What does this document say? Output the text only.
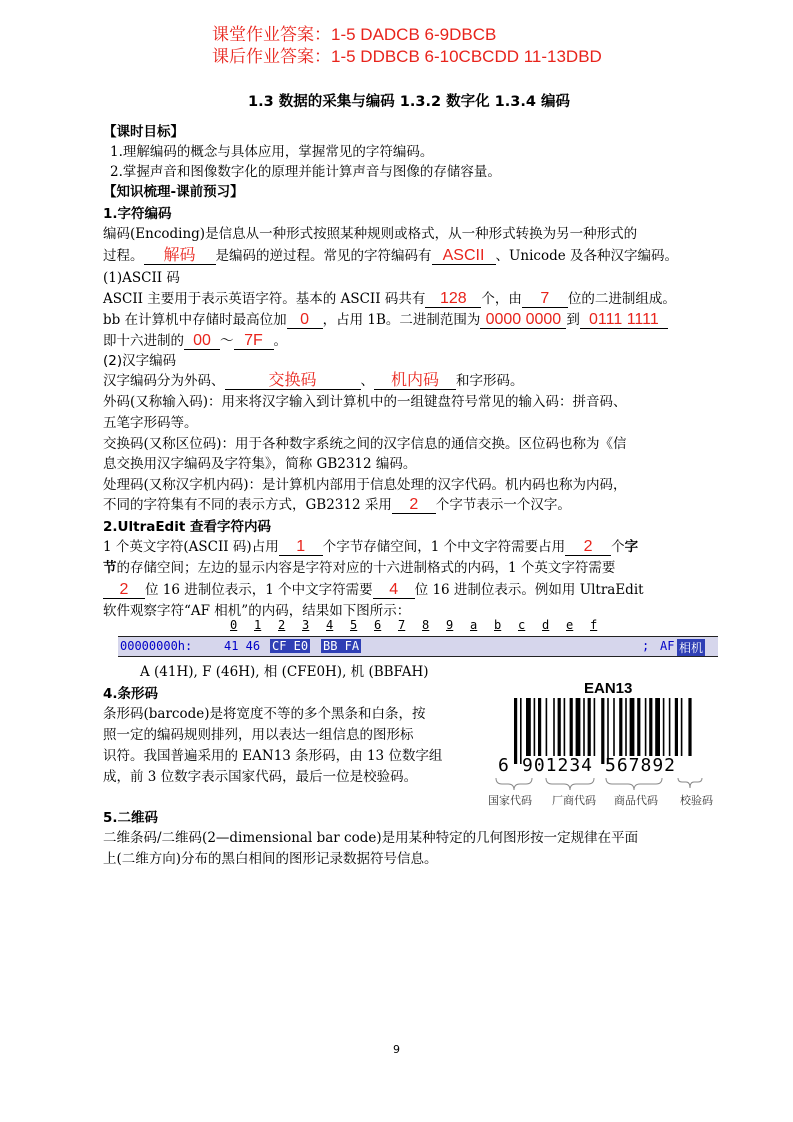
课堂作业答案：1-5 DADCB 6-9DBCB
课后作业答案：1-5 DDBCB 6-10CBCDD 11-13DBD
1.3 数据的采集与编码 1.3.2 数字化 1.3.4 编码
【课时目标】
1.理解编码的概念与具体应用，掌握常见的字符编码。
2.掌握声音和图像数字化的原理并能计算声音与图像的存储容量。
【知识梳理-课前预习】
1.字符编码
编码(Encoding)是信息从一种形式按照某种规则或格式，从一种形式转换为另一种形式的
过程。 解码 是编码的逆过程。常见的字符编码有 ASCII 、Unicode 及各种汉字编码。
(1)ASCII 码
ASCII 主要用于表示英语字符。基本的 ASCII 码共有 128 个，由 7 位的二进制组成。
bb 在计算机中存储时最高位加 0 ，占用 1B。二进制范围为 0000 0000 到 0111 1111
即十六进制的 00 ～ 7F 。
(2)汉字编码
汉字编码分为外码、	交换码	、 机内码 和字形码。
外码(又称输入码)：用来将汉字输入到计算机中的一组键盘符号常见的输入码：拼音码、
五笔字形码等。
交换码(又称区位码)：用于各种数字系统之间的汉字信息的通信交换。区位码也称为《信
息交换用汉字编码及字符集》，简称 GB2312 编码。
处理码(又称汉字机内码)：是计算机内部用于信息处理的汉字代码。机内码也称为内码，
不同的字符集有不同的表示方式，GB2312 采用 2 个字节表示一个汉字。
2.UltraEdit 查看字符内码
1 个英文字符(ASCII 码)占用 1 个字节存储空间，1 个中文字符需要占用 2 个字
节的存储空间；左边的显示内容是字符对应的十六进制格式的内码，1 个英文字符需要
2 位 16 进制位表示，1 个中文字符需要 4 位 16 进制位表示。例如用 UltraEdit
软件观察字符“AF 相机”的内码，结果如下图所示：
0 1 2 3 4 5 6 7 8 9 a b c d e f
00000000h:	41 46 CF E0 BB FA	; AF 相机
A (41H), F (46H), 相 (CFE0H), 机 (BBFAH)
4.条形码
条形码(barcode)是将宽度不等的多个黑条和白条，按
照一定的编码规则排列，用以表达一组信息的图形标
识符。我国普遍采用的 EAN13 条形码，由 13 位数字组
成，前 3 位数字表示国家代码，最后一位是校验码。
EAN13
6 901234 567892
国家代码 厂商代码 商品代码 校验码
5.二维码
二维条码/二维码(2—dimensional bar code)是用某种特定的几何图形按一定规律在平面
上(二维方向)分布的黑白相间的图形记录数据符号信息。
9
